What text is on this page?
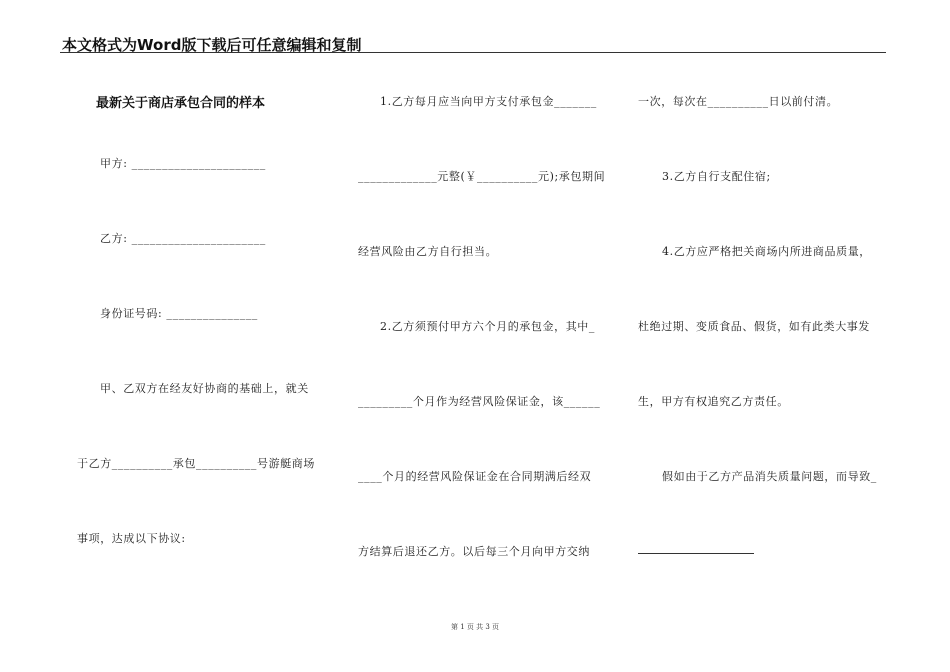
本文格式为Word版下载后可任意编辑和复制
最新关于商店承包合同的样本
甲方: ______________________
乙方: ______________________
身份证号码: _______________
甲、乙双方在经友好协商的基础上，就关
于乙方__________承包__________号游艇商场
事项，达成以下协议:
1.乙方每月应当向甲方支付承包金_______
_____________元整(￥__________元);承包期间
经营风险由乙方自行担当。
2.乙方须预付甲方六个月的承包金，其中_
_________个月作为经营风险保证金，该______
____个月的经营风险保证金在合同期满后经双
方结算后退还乙方。以后每三个月向甲方交纳
一次，每次在__________日以前付清。
3.乙方自行支配住宿;
4.乙方应严格把关商场内所进商品质量，
杜绝过期、变质食品、假货，如有此类大事发
生，甲方有权追究乙方责任。
假如由于乙方产品消失质量问题，而导致_
第 1 页 共 3 页
